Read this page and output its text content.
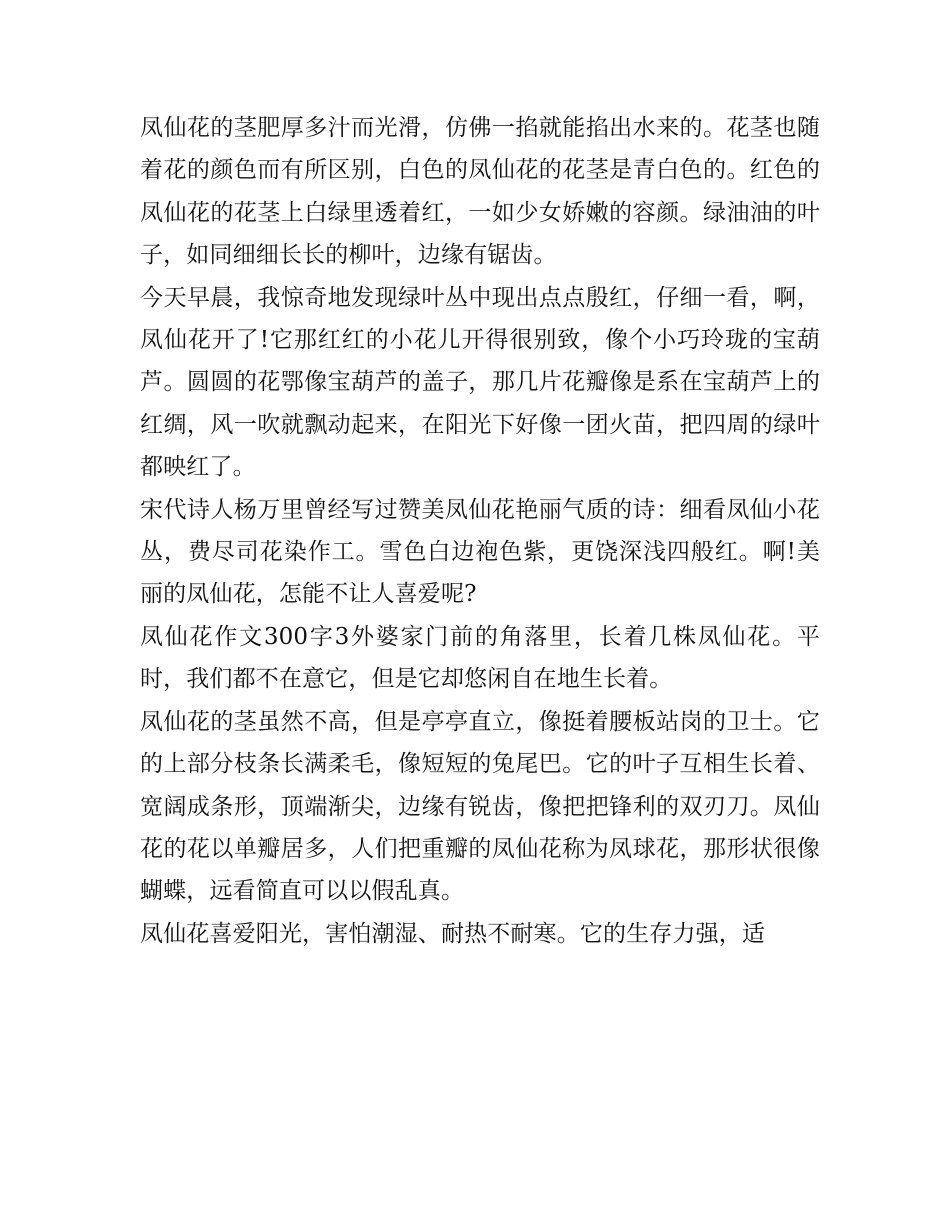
凤仙花的茎肥厚多汁而光滑，仿佛一掐就能掐出水来的。花茎也随着花的颜色而有所区别，白色的凤仙花的花茎是青白色的。红色的凤仙花的花茎上白绿里透着红，一如少女娇嫩的容颜。绿油油的叶子，如同细细长长的柳叶，边缘有锯齿。

今天早晨，我惊奇地发现绿叶丛中现出点点殷红，仔细一看，啊，凤仙花开了!它那红红的小花儿开得很别致，像个小巧玲珑的宝葫芦。圆圆的花鄂像宝葫芦的盖子，那几片花瓣像是系在宝葫芦上的红绸，风一吹就飘动起来，在阳光下好像一团火苗，把四周的绿叶都映红了。

宋代诗人杨万里曾经写过赞美凤仙花艳丽气质的诗：细看凤仙小花丛，费尽司花染作工。雪色白边袍色紫，更饶深浅四般红。啊!美丽的凤仙花，怎能不让人喜爱呢?

凤仙花作文300字3外婆家门前的角落里，长着几株凤仙花。平时，我们都不在意它，但是它却悠闲自在地生长着。

凤仙花的茎虽然不高，但是亭亭直立，像挺着腰板站岗的卫士。它的上部分枝条长满柔毛，像短短的兔尾巴。它的叶子互相生长着、宽阔成条形，顶端渐尖，边缘有锐齿，像把把锋利的双刃刀。凤仙花的花以单瓣居多，人们把重瓣的凤仙花称为凤球花，那形状很像蝴蝶，远看简直可以以假乱真。

凤仙花喜爱阳光，害怕潮湿、耐热不耐寒。它的生存力强，适
